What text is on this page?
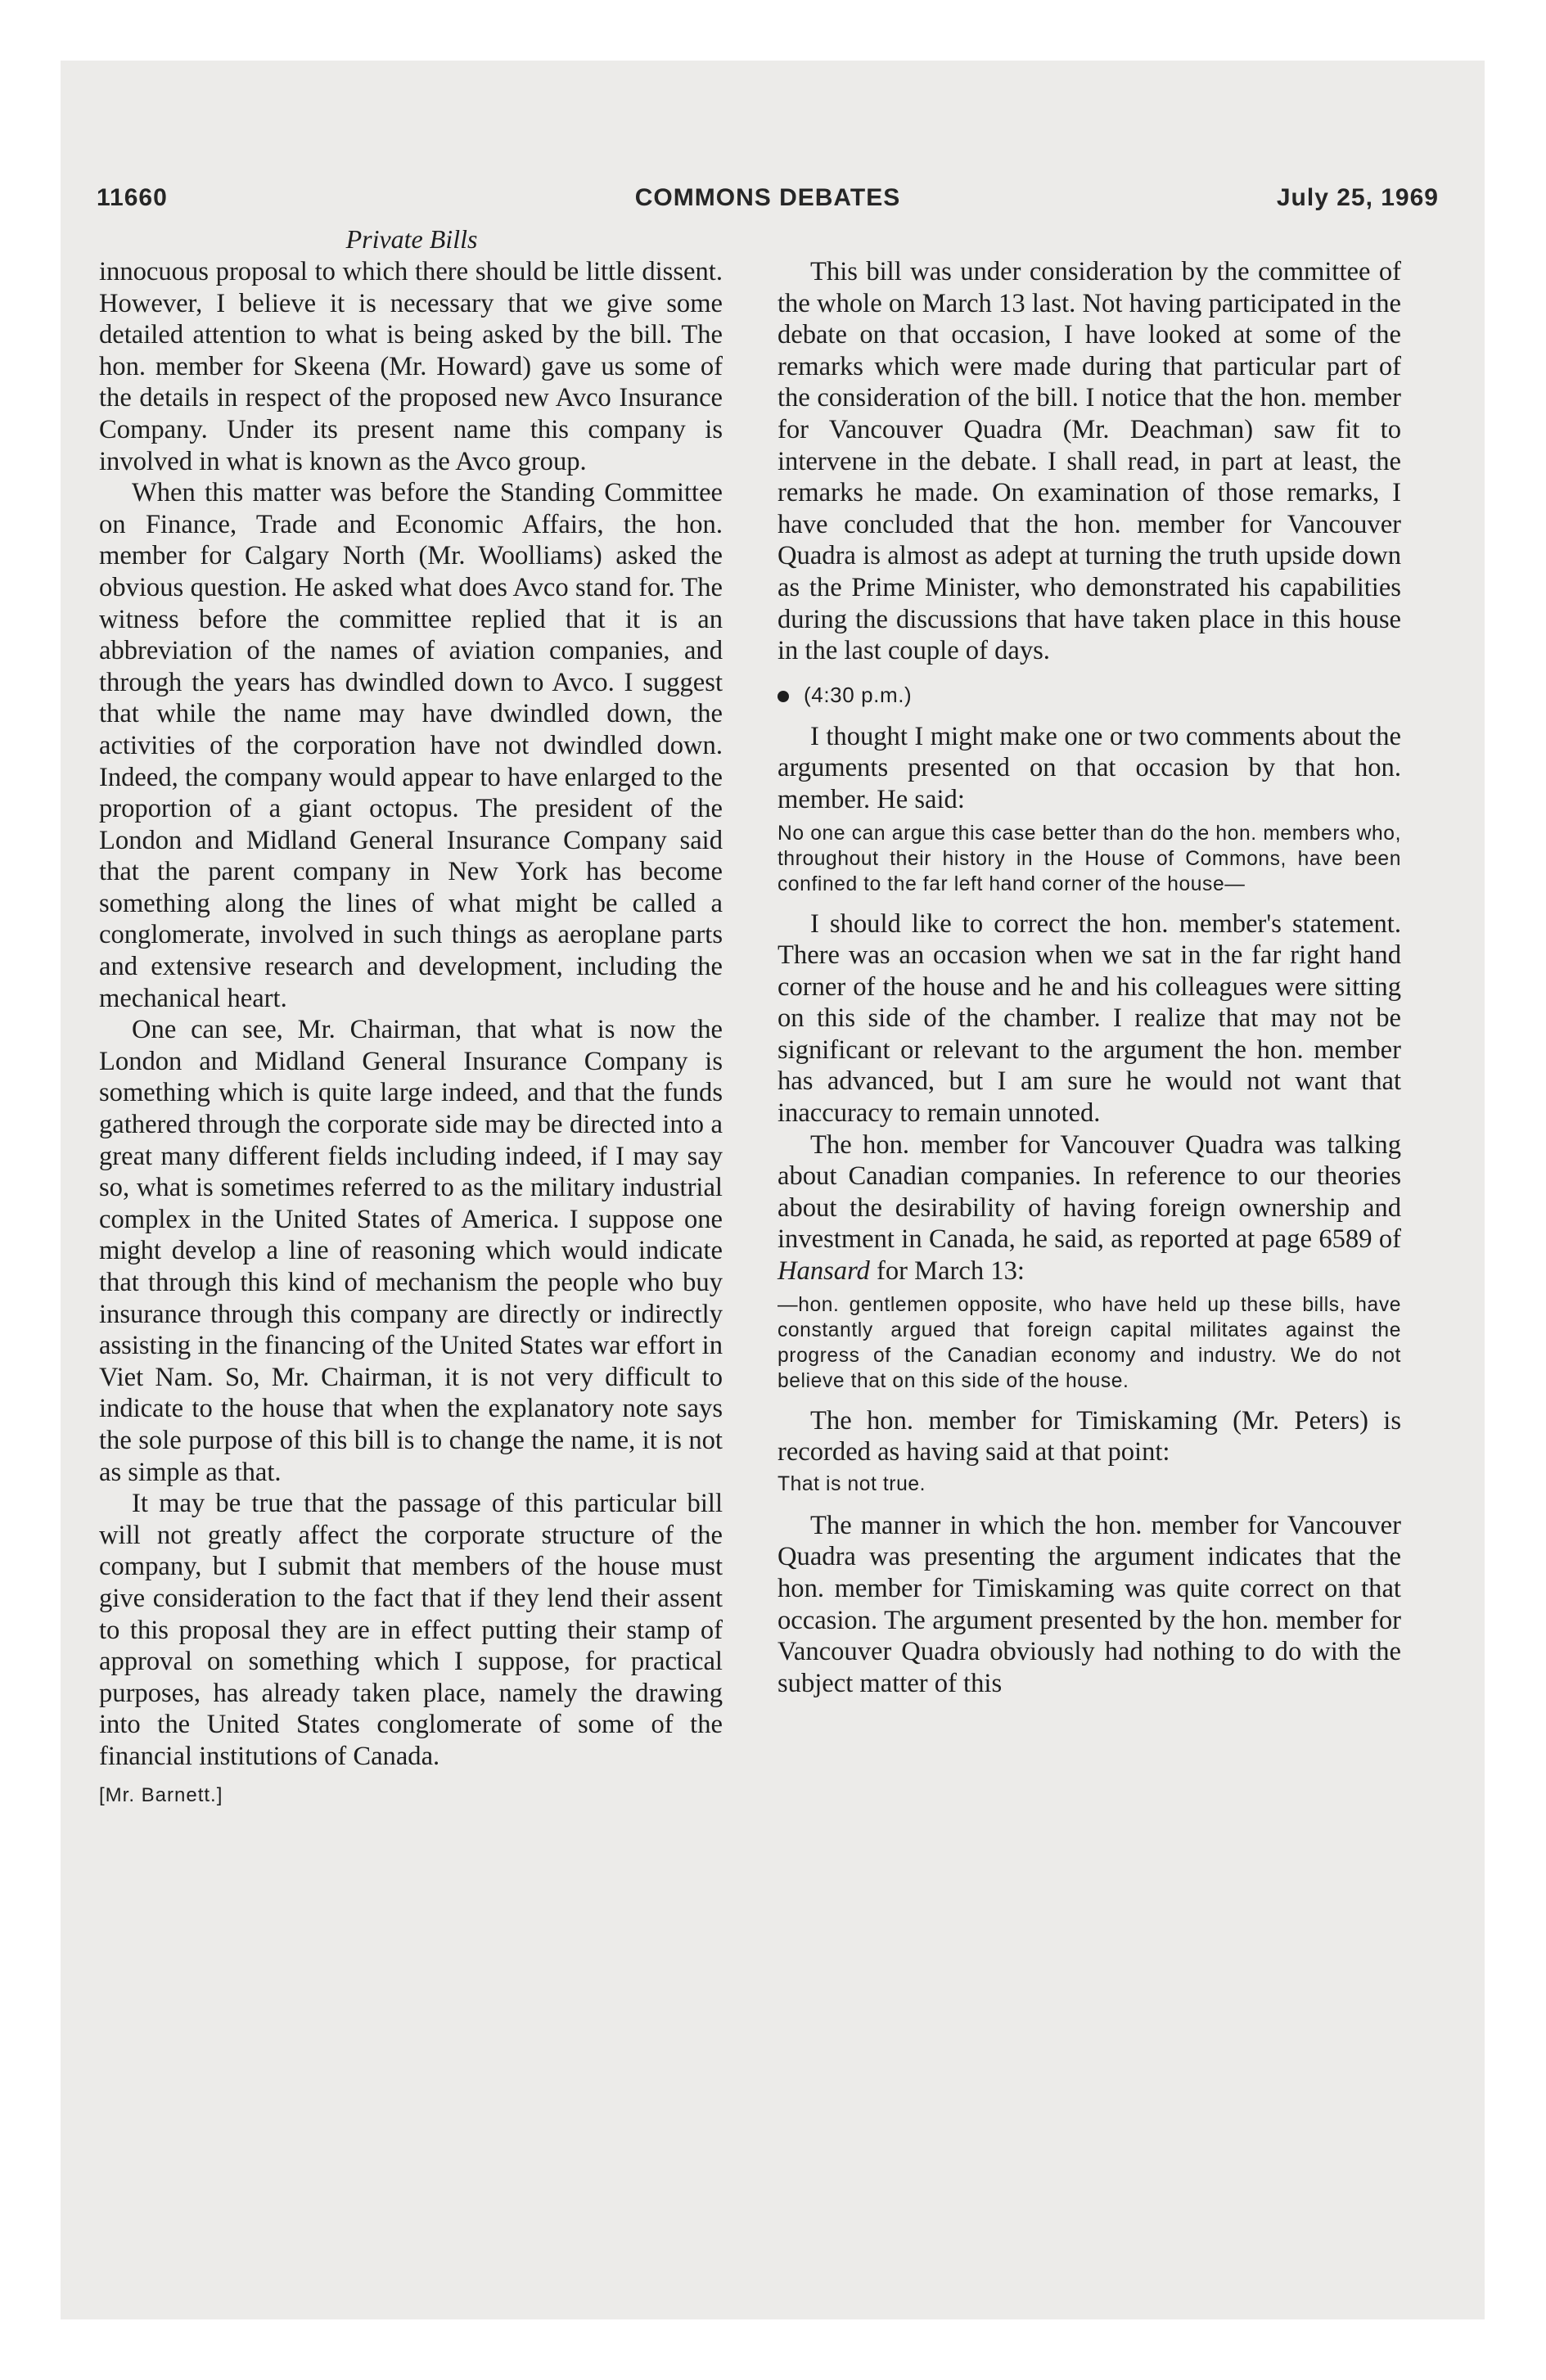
11660	COMMONS DEBATES	July 25, 1969
Private Bills

innocuous proposal to which there should be little dissent. However, I believe it is necessary that we give some detailed attention to what is being asked by the bill. The hon. member for Skeena (Mr. Howard) gave us some of the details in respect of the proposed new Avco Insurance Company. Under its present name this company is involved in what is known as the Avco group.

When this matter was before the Standing Committee on Finance, Trade and Economic Affairs, the hon. member for Calgary North (Mr. Woolliams) asked the obvious question. He asked what does Avco stand for. The witness before the committee replied that it is an abbreviation of the names of aviation companies, and through the years has dwindled down to Avco. I suggest that while the name may have dwindled down, the activities of the corporation have not dwindled down. Indeed, the company would appear to have enlarged to the proportion of a giant octopus. The president of the London and Midland General Insurance Company said that the parent company in New York has become something along the lines of what might be called a conglomerate, involved in such things as aeroplane parts and extensive research and development, including the mechanical heart.

One can see, Mr. Chairman, that what is now the London and Midland General Insurance Company is something which is quite large indeed, and that the funds gathered through the corporate side may be directed into a great many different fields including indeed, if I may say so, what is sometimes referred to as the military industrial complex in the United States of America. I suppose one might develop a line of reasoning which would indicate that through this kind of mechanism the people who buy insurance through this company are directly or indirectly assisting in the financing of the United States war effort in Viet Nam. So, Mr. Chairman, it is not very difficult to indicate to the house that when the explanatory note says the sole purpose of this bill is to change the name, it is not as simple as that.

It may be true that the passage of this particular bill will not greatly affect the corporate structure of the company, but I submit that members of the house must give consideration to the fact that if they lend their assent to this proposal they are in effect putting their stamp of approval on something which I suppose, for practical purposes, has already taken place, namely the drawing into the United States conglomerate of some of the financial institutions of Canada.

[Mr. Barnett.]

This bill was under consideration by the committee of the whole on March 13 last. Not having participated in the debate on that occasion, I have looked at some of the remarks which were made during that particular part of the consideration of the bill. I notice that the hon. member for Vancouver Quadra (Mr. Deachman) saw fit to intervene in the debate. I shall read, in part at least, the remarks he made. On examination of those remarks, I have concluded that the hon. member for Vancouver Quadra is almost as adept at turning the truth upside down as the Prime Minister, who demonstrated his capabilities during the discussions that have taken place in this house in the last couple of days.

(4:30 p.m.)

I thought I might make one or two comments about the arguments presented on that occasion by that hon. member. He said:

No one can argue this case better than do the hon. members who, throughout their history in the House of Commons, have been confined to the far left hand corner of the house—

I should like to correct the hon. member's statement. There was an occasion when we sat in the far right hand corner of the house and he and his colleagues were sitting on this side of the chamber. I realize that may not be significant or relevant to the argument the hon. member has advanced, but I am sure he would not want that inaccuracy to remain unnoted.

The hon. member for Vancouver Quadra was talking about Canadian companies. In reference to our theories about the desirability of having foreign ownership and investment in Canada, he said, as reported at page 6589 of Hansard for March 13:

—hon. gentlemen opposite, who have held up these bills, have constantly argued that foreign capital militates against the progress of the Canadian economy and industry. We do not believe that on this side of the house.

The hon. member for Timiskaming (Mr. Peters) is recorded as having said at that point:

That is not true.

The manner in which the hon. member for Vancouver Quadra was presenting the argument indicates that the hon. member for Timiskaming was quite correct on that occasion. The argument presented by the hon. member for Vancouver Quadra obviously had nothing to do with the subject matter of this
